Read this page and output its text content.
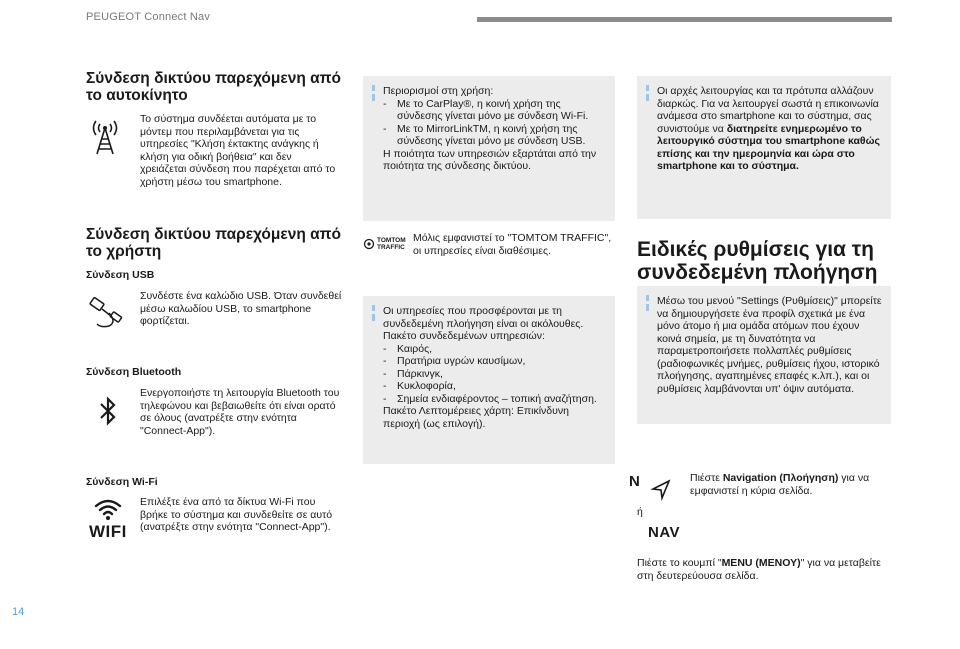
PEUGEOT Connect Nav
Σύνδεση δικτύου παρεχόμενη από το αυτοκίνητο
Το σύστημα συνδέεται αυτόματα με το μόντεμ που περιλαμβάνεται για τις υπηρεσίες "Κλήση έκτακτης ανάγκης ή κλήση για οδική βοήθεια" και δεν χρειάζεται σύνδεση που παρέχεται από το χρήστη μέσω του smartphone.
Σύνδεση δικτύου παρεχόμενη από το χρήστη
Σύνδεση USB
Συνδέστε ένα καλώδιο USB. Όταν συνδεθεί μέσω καλωδίου USB, το smartphone φορτίζεται.
Σύνδεση Bluetooth
Ενεργοποιήστε τη λειτουργία Bluetooth του τηλεφώνου και βεβαιωθείτε ότι είναι ορατό σε όλους (ανατρέξτε στην ενότητα "Connect-App").
Σύνδεση Wi-Fi
WIFI
Επιλέξτε ένα από τα δίκτυα Wi-Fi που βρήκε το σύστημα και συνδεθείτε σε αυτό (ανατρέξτε στην ενότητα "Connect-App").
Περιορισμοί στη χρήση:
-	Με το CarPlay®, η κοινή χρήση της σύνδεσης γίνεται μόνο με σύνδεση Wi-Fi.
-	Με το MirrorLinkTM, η κοινή χρήση της σύνδεσης γίνεται μόνο με σύνδεση USB.
Η ποιότητα των υπηρεσιών εξαρτάται από την ποιότητα της σύνδεσης δικτύου.
TOMTOM
TRAFFIC
Μόλις εμφανιστεί το "TOMTOM TRAFFIC", οι υπηρεσίες είναι διαθέσιμες.
Οι υπηρεσίες που προσφέρονται με τη συνδεδεμένη πλοήγηση είναι οι ακόλουθες.
Πακέτο συνδεδεμένων υπηρεσιών:
-	Καιρός,
-	Πρατήρια υγρών καυσίμων,
-	Πάρκινγκ,
-	Κυκλοφορία,
-	Σημεία ενδιαφέροντος – τοπική αναζήτηση.
Πακέτο Λεπτομέρειες χάρτη: Επικίνδυνη περιοχή (ως επιλογή).
Οι αρχές λειτουργίας και τα πρότυπα αλλάζουν διαρκώς. Για να λειτουργεί σωστά η επικοινωνία ανάμεσα στο smartphone και το σύστημα, σας συνιστούμε να διατηρείτε ενημερωμένο το λειτουργικό σύστημα του smartphone καθώς επίσης και την ημερομηνία και ώρα στο smartphone και το σύστημα.
Ειδικές ρυθμίσεις για τη συνδεδεμένη πλοήγηση
Μέσω του μενού "Settings (Ρυθμίσεις)" μπορείτε να δημιουργήσετε ένα προφίλ σχετικά με ένα μόνο άτομο ή μια ομάδα ατόμων που έχουν κοινά σημεία, με τη δυνατότητα να παραμετροποιήσετε πολλαπλές ρυθμίσεις (ραδιοφωνικές μνήμες, ρυθμίσεις ήχου, ιστορικό πλοήγησης, αγαπημένες επαφές κ.λπ.), και οι ρυθμίσεις λαμβάνονται υπ' όψιν αυτόματα.
N	Πιέστε Navigation (Πλοήγηση) για να εμφανιστεί η κύρια σελίδα.
ή
NAV
Πιέστε το κουμπί "MENU (ΜΕΝΟΥ)" για να μεταβείτε στη δευτερεύουσα σελίδα.
14
